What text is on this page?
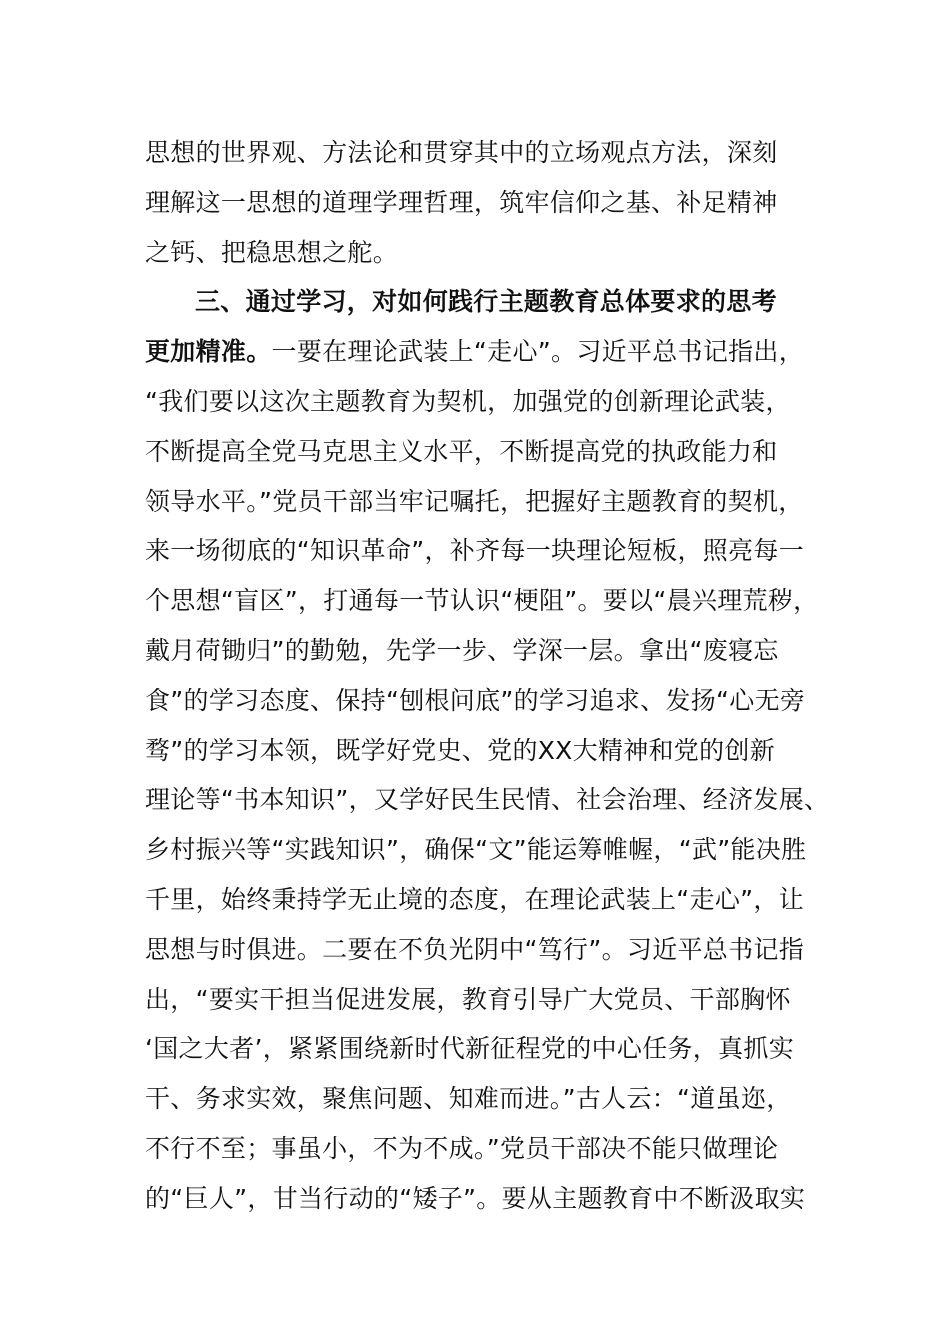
思想的世界观、方法论和贯穿其中的立场观点方法，深刻
理解这一思想的道理学理哲理，筑牢信仰之基、补足精神
之钙、把稳思想之舵。
三、通过学习，对如何践行主题教育总体要求的思考
更加精准。一要在理论武装上“走心”。习近平总书记指出，
“我们要以这次主题教育为契机，加强党的创新理论武装，
不断提高全党马克思主义水平，不断提高党的执政能力和
领导水平。”党员干部当牢记嘱托，把握好主题教育的契机，
来一场彻底的“知识革命”，补齐每一块理论短板，照亮每一
个思想“盲区”，打通每一节认识“梗阻”。要以“晨兴理荒秽，
戴月荷锄归”的勤勉，先学一步、学深一层。拿出“废寝忘
食”的学习态度、保持“刨根问底”的学习追求、发扬“心无旁
骛”的学习本领，既学好党史、党的XX大精神和党的创新
理论等“书本知识”，又学好民生民情、社会治理、经济发展、
乡村振兴等“实践知识”，确保“文”能运筹帷幄，“武”能决胜
千里，始终秉持学无止境的态度，在理论武装上“走心”，让
思想与时俱进。二要在不负光阴中“笃行”。习近平总书记指
出，“要实干担当促进发展，教育引导广大党员、干部胸怀
‘国之大者’，紧紧围绕新时代新征程党的中心任务，真抓实
干、务求实效，聚焦问题、知难而进。”古人云：“道虽迩，
不行不至；事虽小，不为不成。”党员干部决不能只做理论
的“巨人”，甘当行动的“矮子”。要从主题教育中不断汲取实
